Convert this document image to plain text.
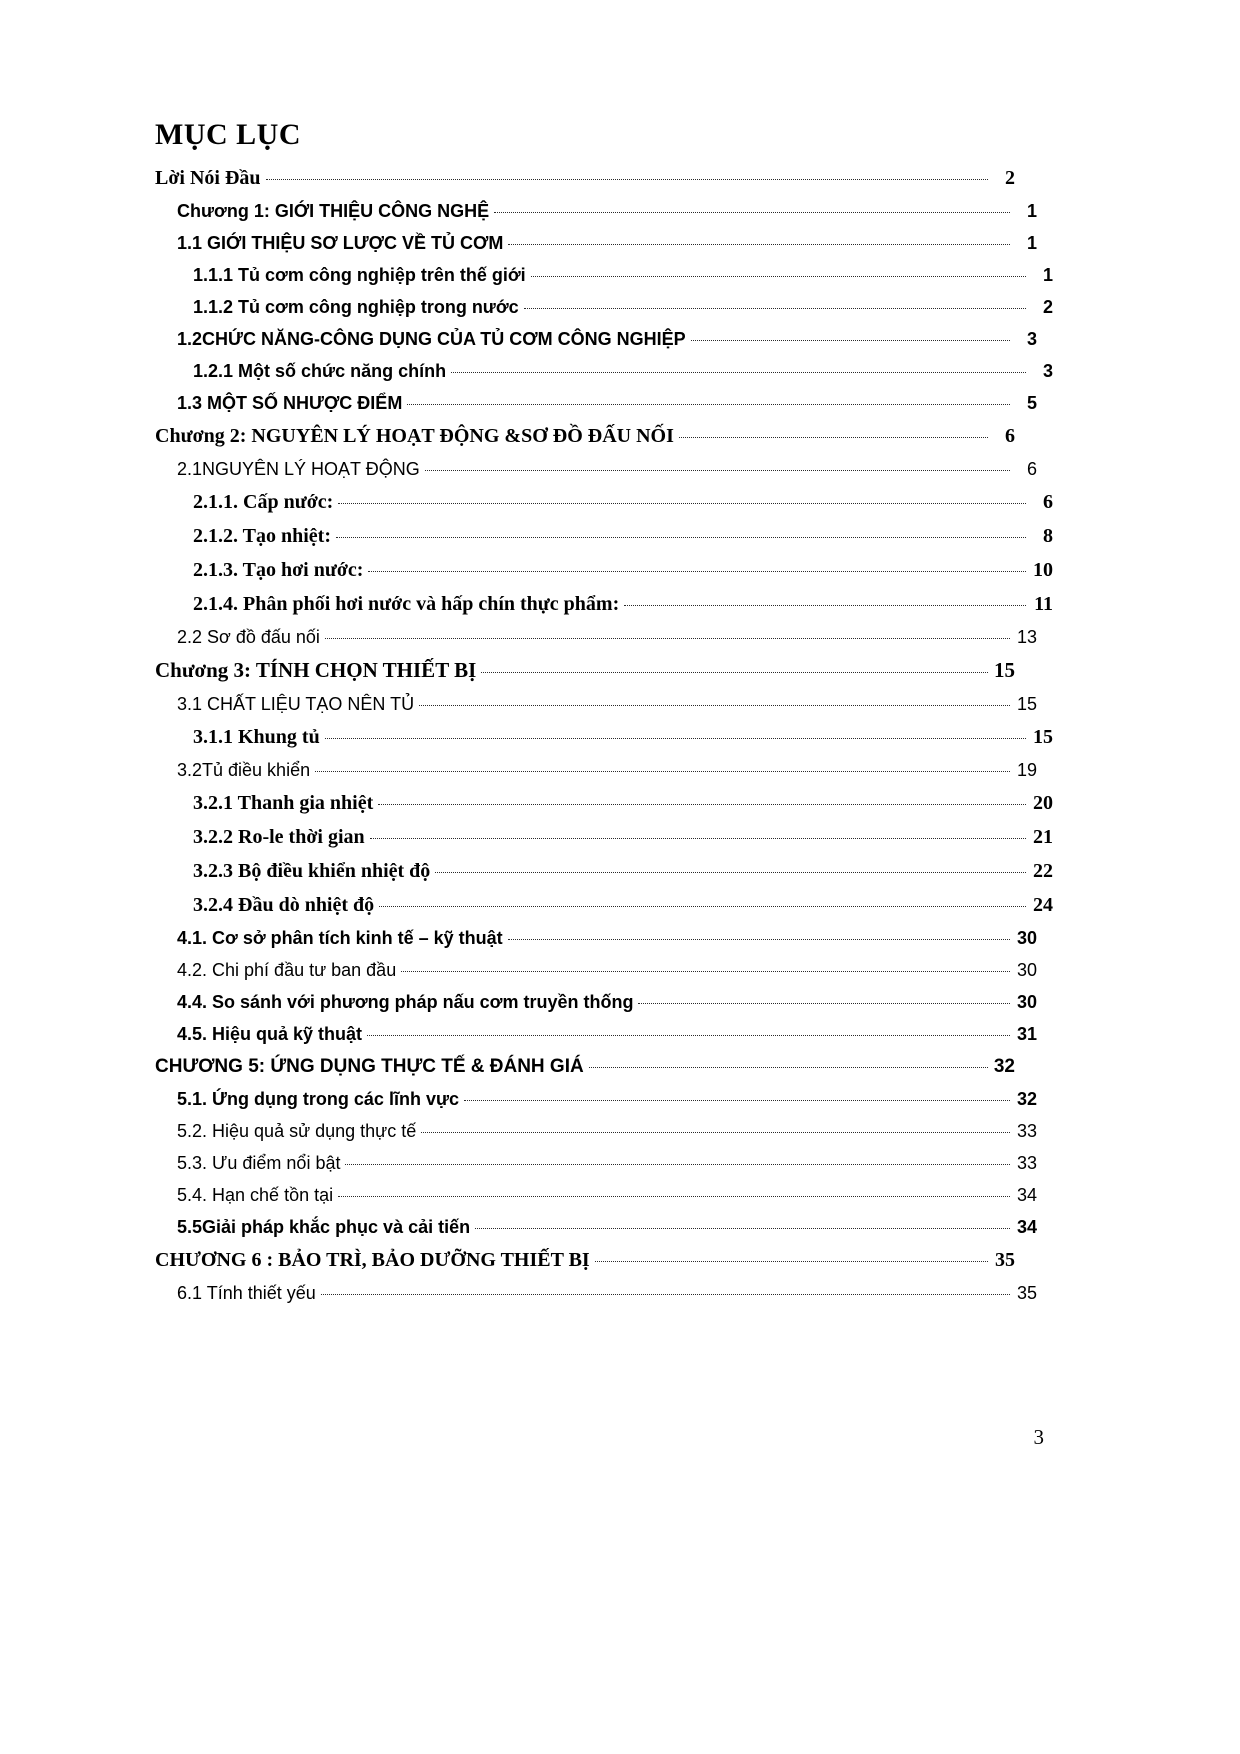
MỤC LỤC
Lời Nói Đầu	2
Chương 1: GIỚI THIỆU CÔNG NGHỆ	1
1.1 GIỚI THIỆU SƠ LƯỢC VỀ TỦ CƠM	1
1.1.1 Tủ cơm công nghiệp trên thế giới	1
1.1.2 Tủ cơm công nghiệp trong nước	2
1.2CHỨC NĂNG-CÔNG DỤNG CỦA TỦ CƠM CÔNG NGHIỆP	3
1.2.1 Một số chức năng chính	3
1.3 MỘT SỐ NHƯỢC ĐIỂM	5
Chương 2: NGUYÊN LÝ HOẠT ĐỘNG &SƠ ĐỒ ĐẤU NỐI	6
2.1NGUYÊN LÝ HOẠT ĐỘNG	6
2.1.1. Cấp nước:	6
2.1.2. Tạo nhiệt:	8
2.1.3. Tạo hơi nước:	10
2.1.4. Phân phối hơi nước và hấp chín thực phẩm:	11
2.2 Sơ đồ đấu nối	13
Chương 3: TÍNH CHỌN THIẾT BỊ	15
3.1 CHẤT LIỆU TẠO NÊN TỦ	15
3.1.1 Khung tủ	15
3.2Tủ điều khiển	19
3.2.1 Thanh gia nhiệt	20
3.2.2 Ro-le thời gian	21
3.2.3 Bộ điều khiển nhiệt độ	22
3.2.4 Đầu dò nhiệt độ	24
4.1. Cơ sở phân tích kinh tế – kỹ thuật	30
4.2. Chi phí đầu tư ban đầu	30
4.4. So sánh với phương pháp nấu cơm truyền thống	30
4.5. Hiệu quả kỹ thuật	31
CHƯƠNG 5: ỨNG DỤNG THỰC TẾ & ĐÁNH GIÁ	32
5.1. Ứng dụng trong các lĩnh vực	32
5.2. Hiệu quả sử dụng thực tế	33
5.3. Ưu điểm nổi bật	33
5.4. Hạn chế tồn tại	34
5.5Giải pháp khắc phục và cải tiến	34
CHƯƠNG 6 : BẢO TRÌ, BẢO DƯỠNG THIẾT BỊ	35
6.1 Tính thiết yếu	35
3
